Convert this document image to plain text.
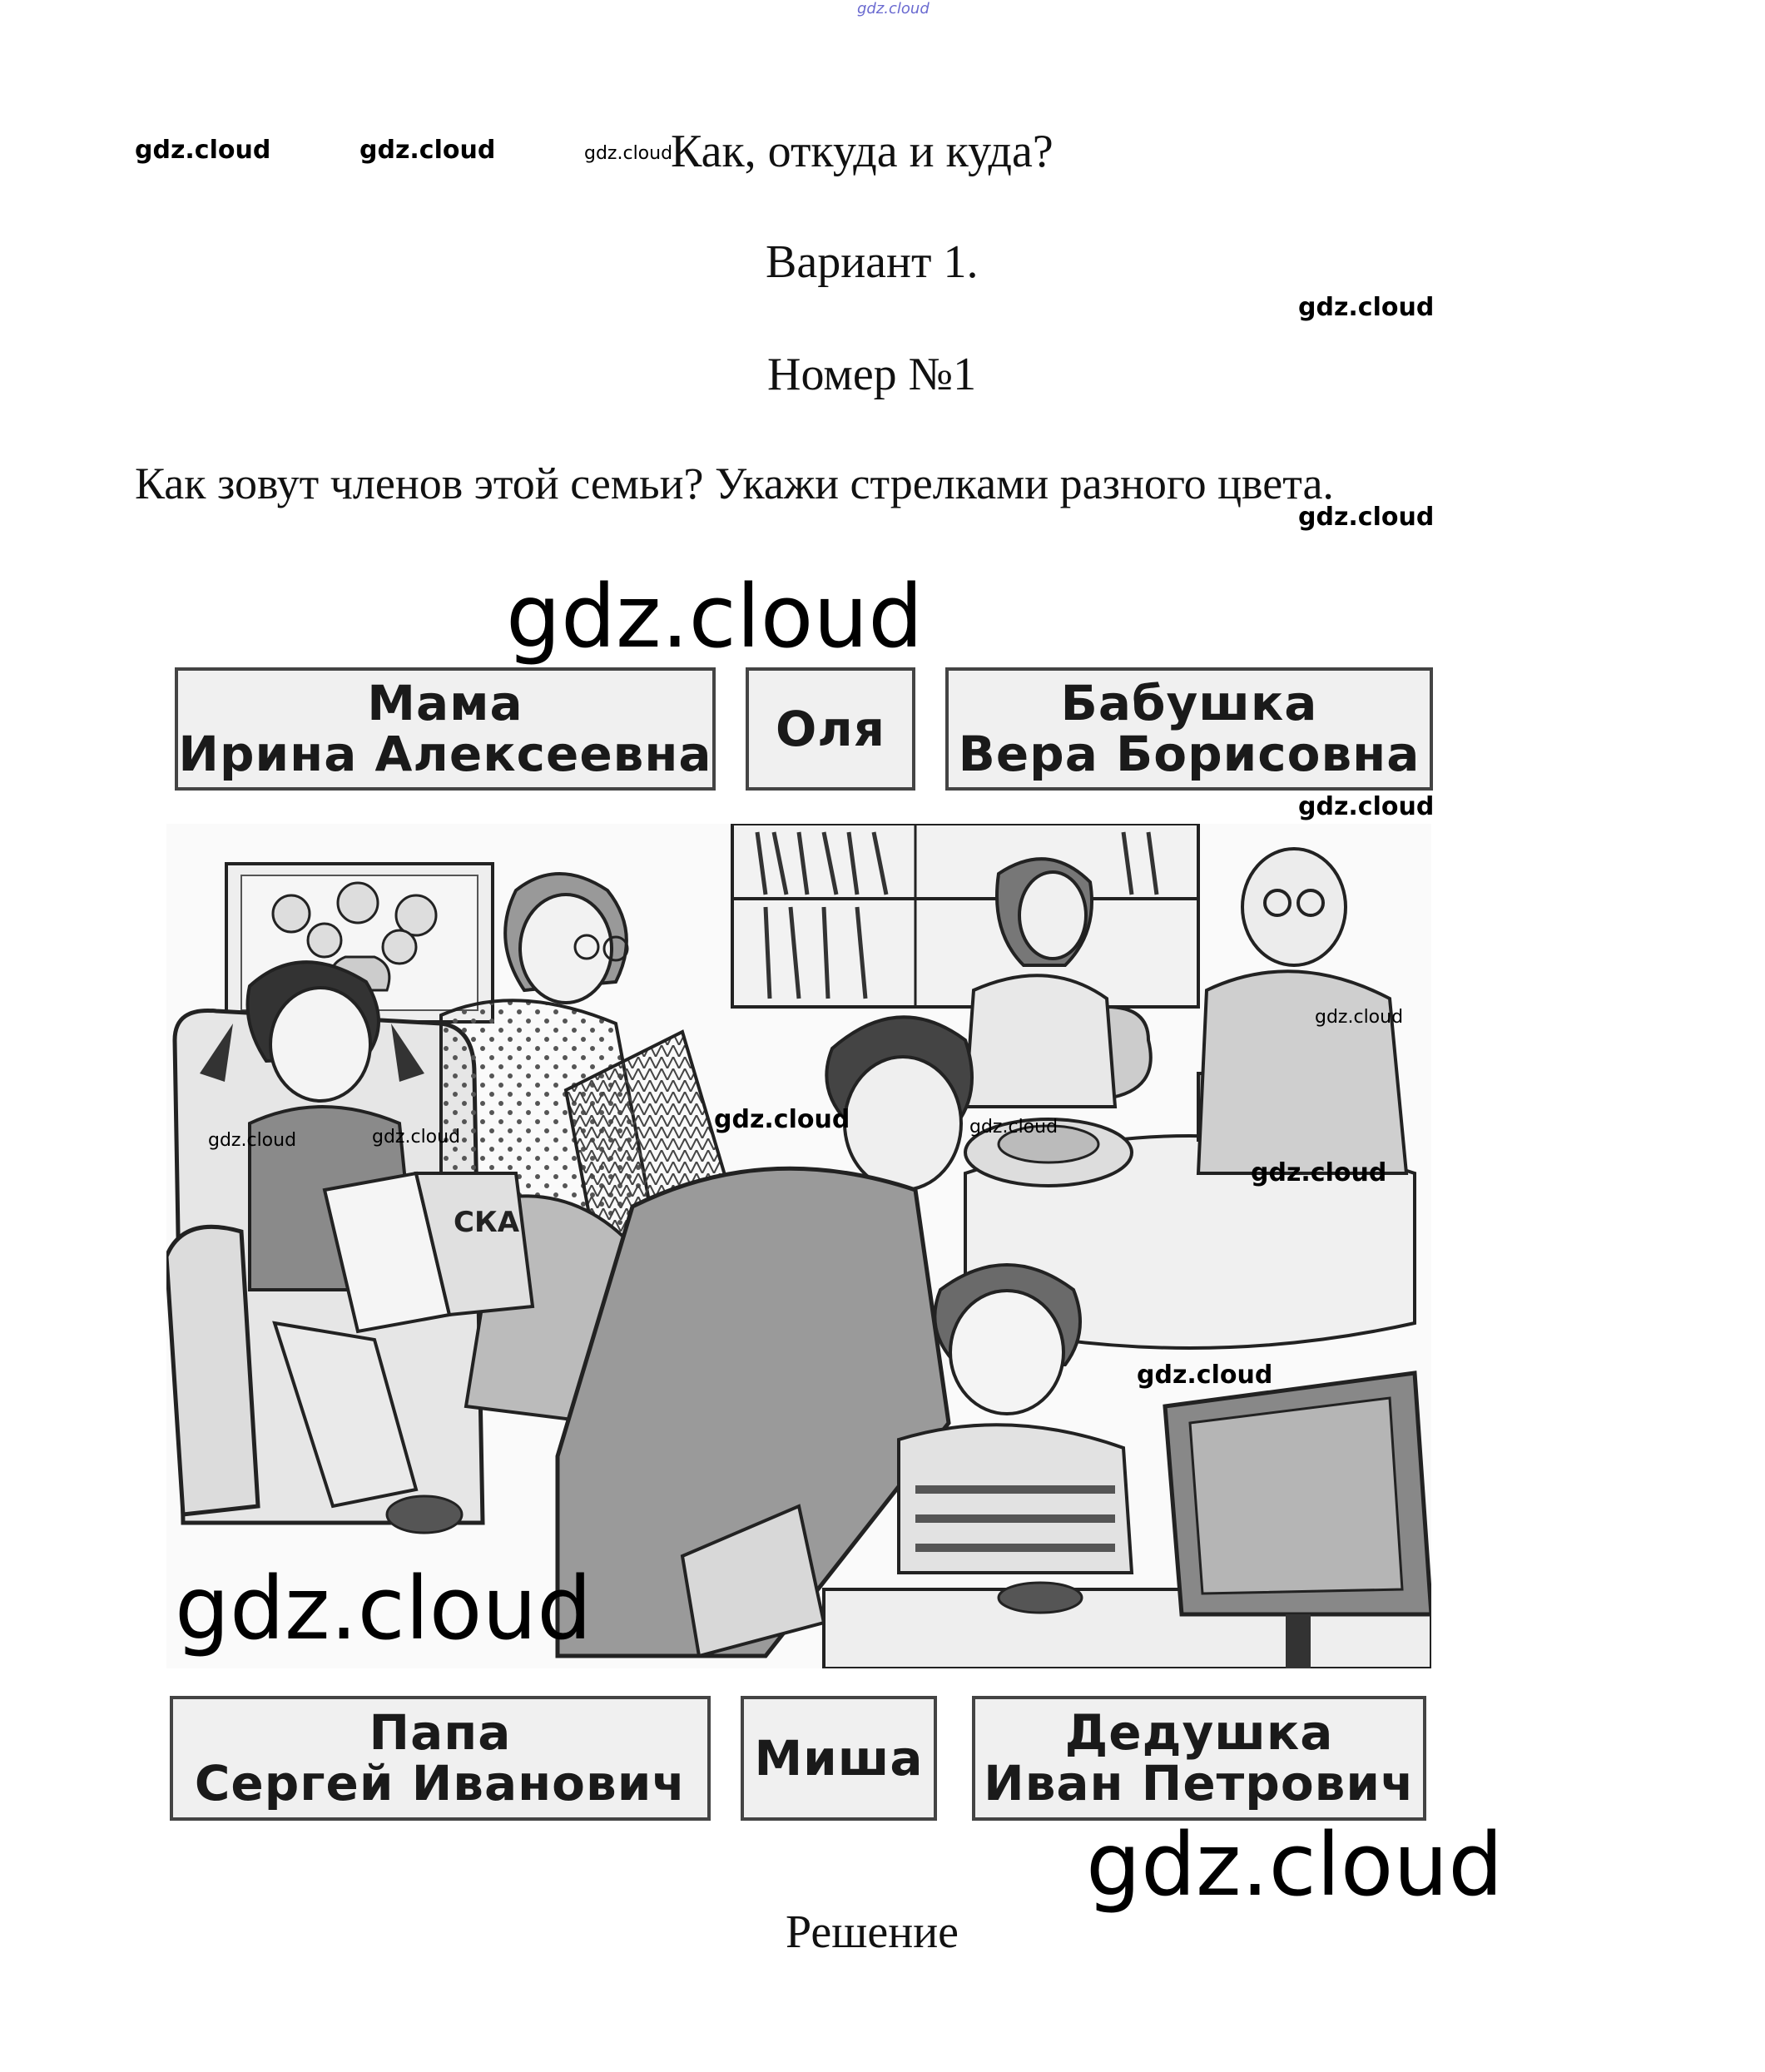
gdz.cloud
gdz.cloud	gdz.cloud	gdz.cloud
Как, откуда и куда?
Вариант 1.
gdz.cloud
Номер №1
Как зовут членов этой семьи? Укажи стрелками разного цвета.
gdz.cloud
gdz.cloud
Мама
Ирина Алексеевна Оля	Бабушка
Вера Борисовна
gdz.cloud
СКА
gdz.cloud	gdz.cloud
gdz.cloud	gdz.cloud
gdz.cloud
gdz.cloud
gdz.cloud
gdz.cloud
Папа
Сергей Иванович Миша	Дедушка
Иван Петрович
gdz.cloud
Решение
